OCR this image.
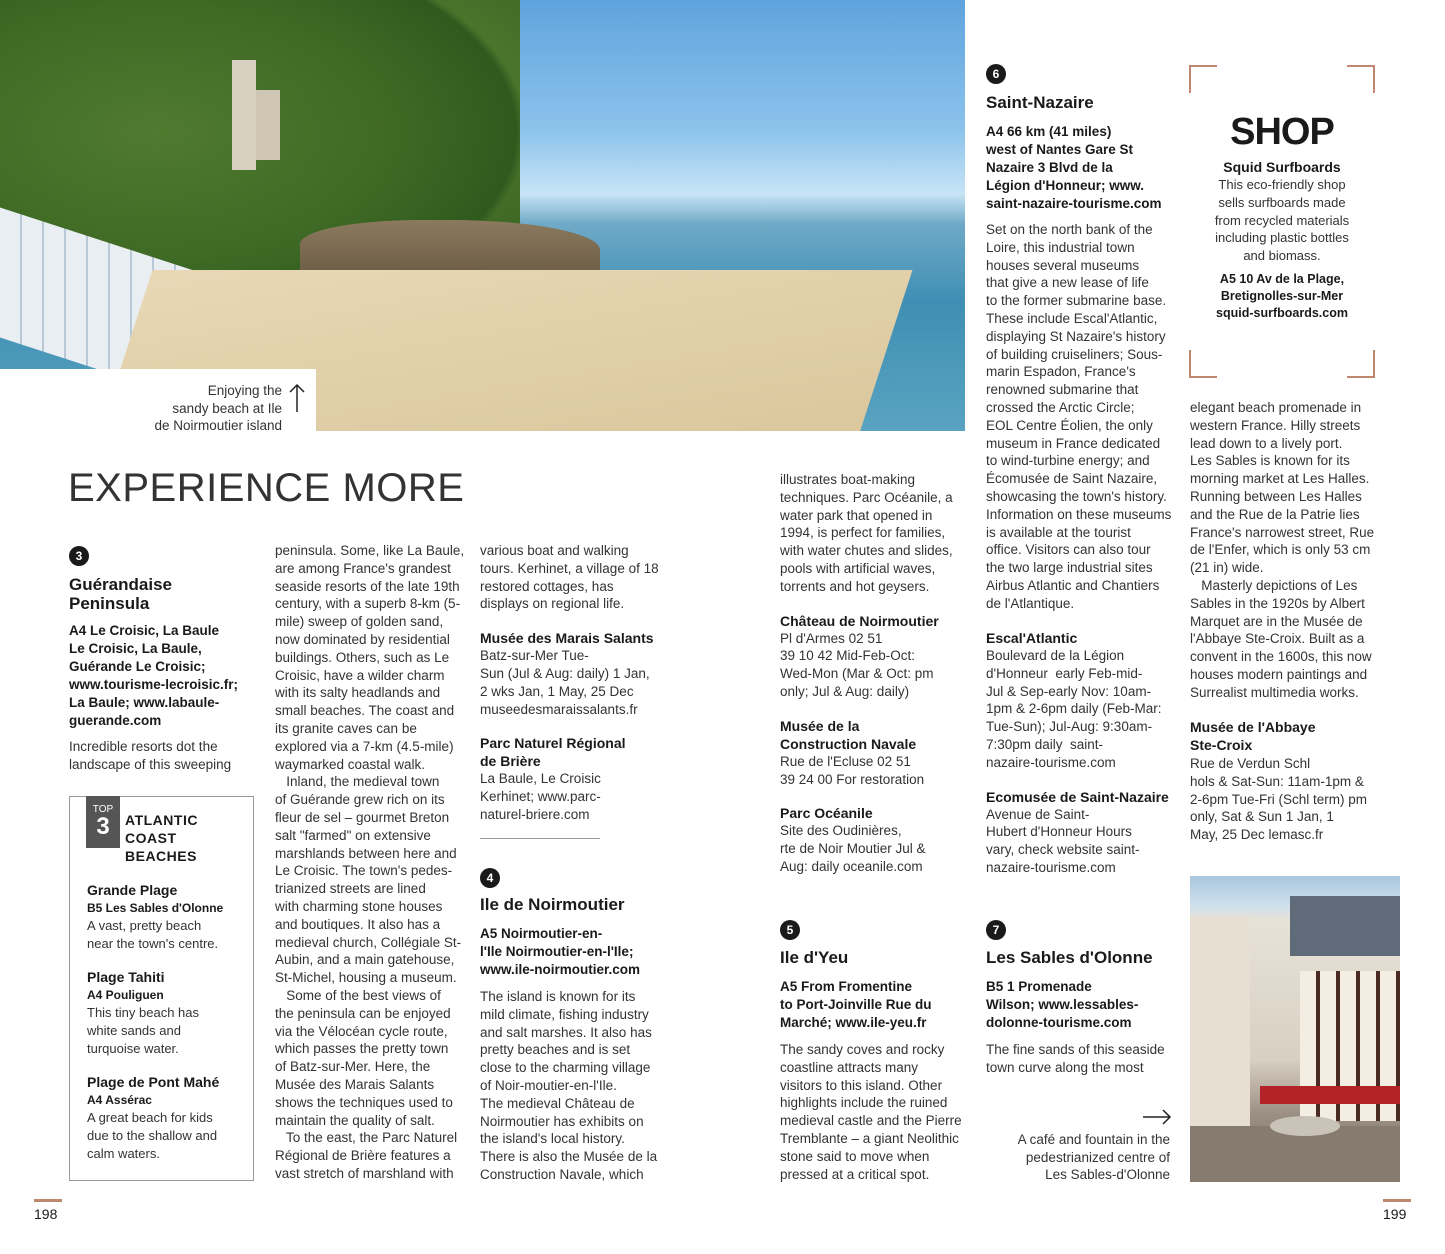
Enjoying the
sandy beach at Ile
de Noirmoutier island
EXPERIENCE MORE
3
Guérandaise
Peninsula
A4 Le Croisic, La Baule
Le Croisic, La Baule,
Guérande Le Croisic;
www.tourisme-lecroisic.fr;
La Baule; www.labaule-
guerande.com
Incredible resorts dot the
landscape of this sweeping
TOP
3	ATLANTIC
COAST
BEACHES
Grande Plage
B5 Les Sables d'Olonne
A vast, pretty beach
near the town's centre.
Plage Tahiti
A4 Pouliguen
This tiny beach has
white sands and
turquoise water.
Plage de Pont Mahé
A4 Assérac
A great beach for kids
due to the shallow and
calm waters.
peninsula. Some, like La Baule,
are among France's grandest
seaside resorts of the late 19th
century, with a superb 8-km (5-
mile) sweep of golden sand,
now dominated by residential
buildings. Others, such as Le
Croisic, have a wilder charm
with its salty headlands and
small beaches. The coast and
its granite caves can be
explored via a 7-km (4.5-mile)
waymarked coastal walk.
Inland, the medieval town
of Guérande grew rich on its
fleur de sel – gourmet Breton
salt "farmed" on extensive
marshlands between here and
Le Croisic. The town's pedes-
trianized streets are lined
with charming stone houses
and boutiques. It also has a
medieval church, Collégiale St-
Aubin, and a main gatehouse,
St-Michel, housing a museum.
Some of the best views of
the peninsula can be enjoyed
via the Vélocéan cycle route,
which passes the pretty town
of Batz-sur-Mer. Here, the
Musée des Marais Salants
shows the techniques used to
maintain the quality of salt.
To the east, the Parc Naturel
Régional de Brière features a
vast stretch of marshland with
various boat and walking
tours. Kerhinet, a village of 18
restored cottages, has
displays on regional life.
Musée des Marais Salants
Batz-sur-Mer Tue-
Sun (Jul & Aug: daily) 1 Jan,
2 wks Jan, 1 May, 25 Dec
museedesmaraissalants.fr
Parc Naturel Régional
de Brière
La Baule, Le Croisic
Kerhinet; www.parc-
naturel-briere.com
4
Ile de Noirmoutier
A5 Noirmoutier-en-
l'Ile Noirmoutier-en-l'Ile;
www.ile-noirmoutier.com
The island is known for its
mild climate, fishing industry
and salt marshes. It also has
pretty beaches and is set
close to the charming village
of Noir-moutier-en-l'Ile.
The medieval Château de
Noirmoutier has exhibits on
the island's local history.
There is also the Musée de la
Construction Navale, which
illustrates boat-making
techniques. Parc Océanile, a
water park that opened in
1994, is perfect for families,
with water chutes and slides,
pools with artificial waves,
torrents and hot geysers.
Château de Noirmoutier
Pl d'Armes 02 51
39 10 42 Mid-Feb-Oct:
Wed-Mon (Mar & Oct: pm
only; Jul & Aug: daily)
Musée de la
Construction Navale
Rue de l'Ecluse 02 51
39 24 00 For restoration
Parc Océanile
Site des Oudinières,
rte de Noir Moutier Jul &
Aug: daily oceanile.com
5
Ile d'Yeu
A5 From Fromentine
to Port-Joinville Rue du
Marché; www.ile-yeu.fr
The sandy coves and rocky
coastline attracts many
visitors to this island. Other
highlights include the ruined
medieval castle and the Pierre
Tremblante – a giant Neolithic
stone said to move when
pressed at a critical spot.
6
Saint-Nazaire
A4 66 km (41 miles)
west of Nantes Gare St
Nazaire 3 Blvd de la
Légion d'Honneur; www.
saint-nazaire-tourisme.com
Set on the north bank of the
Loire, this industrial town
houses several museums
that give a new lease of life
to the former submarine base.
These include Escal'Atlantic,
displaying St Nazaire's history
of building cruiseliners; Sous-
marin Espadon, France's
renowned submarine that
crossed the Arctic Circle;
EOL Centre Éolien, the only
museum in France dedicated
to wind-turbine energy; and
Écomusée de Saint Nazaire,
showcasing the town's history.
Information on these museums
is available at the tourist
office. Visitors can also tour
the two large industrial sites
Airbus Atlantic and Chantiers
de l'Atlantique.
Escal'Atlantic
Boulevard de la Légion
d'Honneur  early Feb-mid-
Jul & Sep-early Nov: 10am-
1pm & 2-6pm daily (Feb-Mar:
Tue-Sun); Jul-Aug: 9:30am-
7:30pm daily  saint-
nazaire-tourisme.com
Ecomusée de Saint-Nazaire
Avenue de Saint-
Hubert d'Honneur Hours
vary, check website saint-
nazaire-tourisme.com
7
Les Sables d'Olonne
B5 1 Promenade
Wilson; www.lessables-
dolonne-tourisme.com
The fine sands of this seaside
town curve along the most
A café and fountain in the
pedestrianized centre of
Les Sables-d'Olonne
SHOP
Squid Surfboards
This eco-friendly shop
sells surfboards made
from recycled materials
including plastic bottles
and biomass.
A5 10 Av de la Plage,
Bretignolles-sur-Mer
squid-surfboards.com
elegant beach promenade in
western France. Hilly streets
lead down to a lively port.
Les Sables is known for its
morning market at Les Halles.
Running between Les Halles
and the Rue de la Patrie lies
France's narrowest street, Rue
de l'Enfer, which is only 53 cm
(21 in) wide.
Masterly depictions of Les
Sables in the 1920s by Albert
Marquet are in the Musée de
l'Abbaye Ste-Croix. Built as a
convent in the 1600s, this now
houses modern paintings and
Surrealist multimedia works.
Musée de l'Abbaye
Ste-Croix
Rue de Verdun Schl
hols & Sat-Sun: 11am-1pm &
2-6pm Tue-Fri (Schl term) pm
only, Sat & Sun 1 Jan, 1
May, 25 Dec lemasc.fr
198	199
